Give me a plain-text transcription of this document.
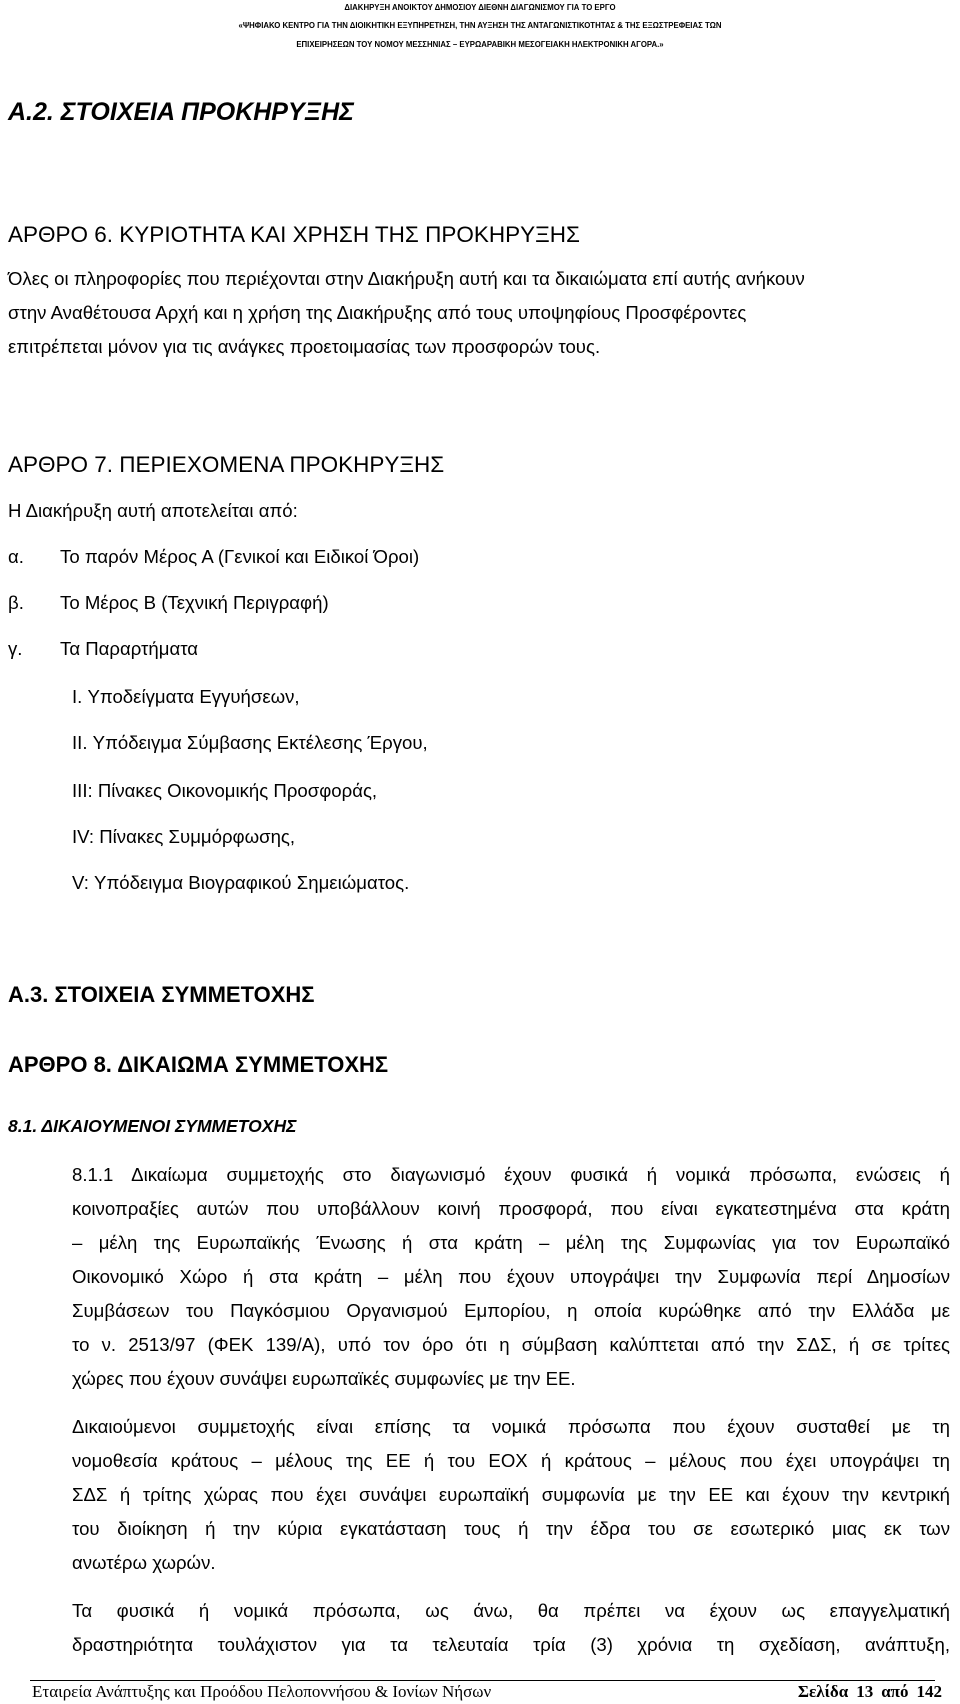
ΔΙΑΚΗΡΥΞΗ ΑΝΟΙΚΤΟΥ ΔΗΜΟΣΙΟΥ ΔΙΕΘΝΗ ΔΙΑΓΩΝΙΣΜΟΥ ΓΙΑ ΤΟ ΕΡΓΟ
«ΨΗΦΙΑΚΟ ΚΕΝΤΡΟ ΓΙΑ ΤΗΝ ΔΙΟΙΚΗΤΙΚΗ ΕΞΥΠΗΡΕΤΗΣΗ, ΤΗΝ ΑΥΞΗΣΗ ΤΗΣ ΑΝΤΑΓΩΝΙΣΤΙΚΟΤΗΤΑΣ & ΤΗΣ ΕΞΩΣΤΡΕΦΕΙΑΣ ΤΩΝ
ΕΠΙΧΕΙΡΗΣΕΩΝ ΤΟΥ ΝΟΜΟΥ ΜΕΣΣΗΝΙΑΣ – ΕΥΡΩΑΡΑΒΙΚΗ ΜΕΣΟΓΕΙΑΚΗ ΗΛΕΚΤΡΟΝΙΚΗ ΑΓΟΡΑ.»
Α.2. ΣΤΟΙΧΕΙΑ ΠΡΟΚΗΡΥΞΗΣ
ΑΡΘΡΟ 6. ΚΥΡΙΟΤΗΤΑ ΚΑΙ ΧΡΗΣΗ ΤΗΣ ΠΡΟΚΗΡΥΞΗΣ
Όλες οι πληροφορίες που περιέχονται στην Διακήρυξη αυτή και τα δικαιώματα επί αυτής ανήκουν
στην Αναθέτουσα Αρχή και η χρήση της Διακήρυξης από τους υποψηφίους Προσφέροντες
επιτρέπεται μόνον για τις ανάγκες προετοιμασίας των προσφορών τους.
ΑΡΘΡΟ 7. ΠΕΡΙΕΧΟΜΕΝΑ ΠΡΟΚΗΡΥΞΗΣ
Η Διακήρυξη αυτή αποτελείται από:
α. Το παρόν Μέρος Α (Γενικοί και Ειδικοί Όροι)
β. Το Μέρος Β (Τεχνική Περιγραφή)
γ. Τα Παραρτήματα
I. Υποδείγματα Εγγυήσεων,
II. Υπόδειγμα Σύμβασης Εκτέλεσης Έργου,
III: Πίνακες Οικονομικής Προσφοράς,
IV: Πίνακες Συμμόρφωσης,
V: Υπόδειγμα Βιογραφικού Σημειώματος.
Α.3. ΣΤΟΙΧΕΙΑ ΣΥΜΜΕΤΟΧΗΣ
ΑΡΘΡΟ 8. ΔΙΚΑΙΩΜΑ ΣΥΜΜΕΤΟΧΗΣ
8.1. ΔΙΚΑΙΟΥΜΕΝΟΙ ΣΥΜΜΕΤΟΧΗΣ
8.1.1 Δικαίωμα συμμετοχής στο διαγωνισμό έχουν φυσικά ή νομικά πρόσωπα, ενώσεις ή
κοινοπραξίες αυτών που υποβάλλουν κοινή προσφορά, που είναι εγκατεστημένα στα κράτη
– μέλη της Ευρωπαϊκής Ένωσης ή στα κράτη – μέλη της Συμφωνίας για τον Ευρωπαϊκό
Οικονομικό Χώρο ή στα κράτη – μέλη που έχουν υπογράψει την Συμφωνία περί Δημοσίων
Συμβάσεων του Παγκόσμιου Οργανισμού Εμπορίου, η οποία κυρώθηκε από την Ελλάδα με
το ν. 2513/97 (ΦΕΚ 139/Α), υπό τον όρο ότι η σύμβαση καλύπτεται από την ΣΔΣ, ή σε τρίτες
χώρες που έχουν συνάψει ευρωπαϊκές συμφωνίες με την ΕΕ.
Δικαιούμενοι συμμετοχής είναι επίσης τα νομικά πρόσωπα που έχουν συσταθεί με τη
νομοθεσία κράτους – μέλους της ΕΕ ή του ΕΟΧ ή κράτους – μέλους που έχει υπογράψει τη
ΣΔΣ ή τρίτης χώρας που έχει συνάψει ευρωπαϊκή συμφωνία με την ΕΕ και έχουν την κεντρική
του διοίκηση ή την κύρια εγκατάσταση τους ή την έδρα του σε εσωτερικό μιας εκ των
ανωτέρω χωρών.
Τα φυσικά ή νομικά πρόσωπα, ως άνω, θα πρέπει να έχουν ως επαγγελματική
δραστηριότητα τουλάχιστον για τα τελευταία τρία (3) χρόνια τη σχεδίαση, ανάπτυξη,
Εταιρεία Ανάπτυξης και Προόδου Πελοποννήσου & Ιονίων Νήσων	Σελίδα 13 από 142
